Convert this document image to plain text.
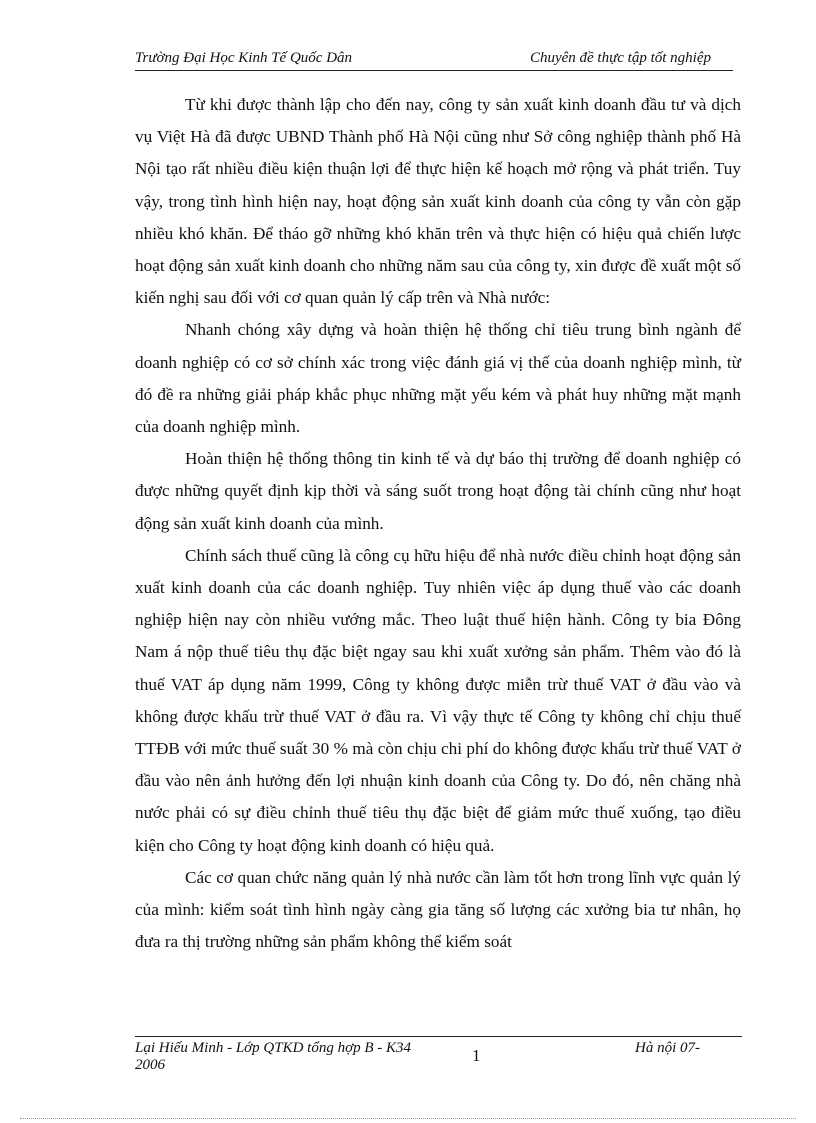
Trường Đại Học Kinh Tế Quốc Dân	Chuyên đề thực tập tốt nghiệp

Từ khi được thành lập cho đến nay, công ty sản xuất kinh doanh đầu tư và dịch vụ Việt Hà đã được UBND Thành phố Hà Nội cũng như Sở công nghiệp thành phố Hà Nội tạo rất nhiều điều kiện thuận lợi để thực hiện kế hoạch mở rộng và phát triển. Tuy vậy, trong tình hình hiện nay, hoạt động sản xuất kinh doanh của công ty vẫn còn gặp nhiều khó khăn. Để tháo gỡ những khó khăn trên và thực hiện có hiệu quả chiến lược hoạt động sản xuất kinh doanh cho những năm sau của công ty, xin được đề xuất một số kiến nghị sau đối với cơ quan quản lý cấp trên và Nhà nước:

Nhanh chóng xây dựng và hoàn thiện hệ thống chỉ tiêu trung bình ngành để doanh nghiệp có cơ sở chính xác trong việc đánh giá vị thế của doanh nghiệp mình, từ đó đề ra những giải pháp khắc phục những mặt yếu kém và phát huy những mặt mạnh của doanh nghiệp mình.

Hoàn thiện hệ thống thông tin kinh tế và dự báo thị trường để doanh nghiệp có được những quyết định kịp thời và sáng suốt trong hoạt động tài chính cũng như hoạt động sản xuất kinh doanh của mình.

Chính sách thuế cũng là công cụ hữu hiệu để nhà nước điều chỉnh hoạt động sản xuất kinh doanh của các doanh nghiệp. Tuy nhiên việc áp dụng thuế vào các doanh nghiệp hiện nay còn nhiều vướng mắc. Theo luật thuế hiện hành. Công ty bia Đông Nam á nộp thuế tiêu thụ đặc biệt ngay sau khi xuất xưởng sản phẩm. Thêm vào đó là thuế VAT áp dụng năm 1999, Công ty không được miễn trừ thuế VAT ở đầu vào và không được khấu trừ thuế VAT ở đầu ra. Vì vậy thực tế Công ty không chỉ chịu thuế TTĐB với mức thuế suất 30 % mà còn chịu chi phí do không được khấu trừ thuế VAT ở đầu vào nên ảnh hưởng đến lợi nhuận kinh doanh của Công ty. Do đó, nên chăng nhà nước phải có sự điều chỉnh thuế tiêu thụ đặc biệt để giảm mức thuế xuống, tạo điều kiện cho Công ty hoạt động kinh doanh có hiệu quả.

Các cơ quan chức năng quản lý nhà nước cần làm tốt hơn trong lĩnh vực quản lý của mình: kiểm soát tình hình ngày càng gia tăng số lượng các xưởng bia tư nhân, họ đưa ra thị trường những sản phẩm không thể kiểm soát

Lại Hiếu Minh - Lớp QTKD tổng hợp B - K34
2006	1	Hà nội 07-
